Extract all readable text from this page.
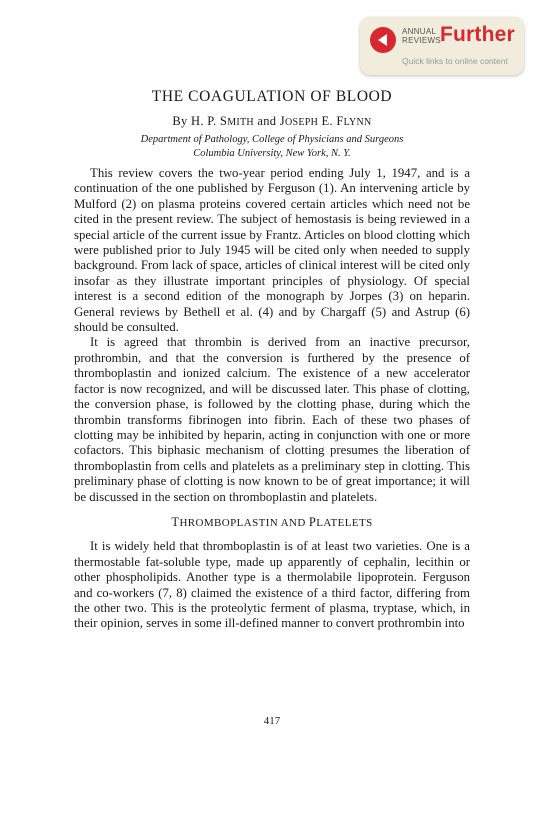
ANNUAL
REVIEWS Further
Quick links to online content
THE COAGULATION OF BLOOD
By H. P. SMITH and JOSEPH E. FLYNN
Department of Pathology, College of Physicians and Surgeons
Columbia University, New York, N. Y.

This review covers the two-year period ending July 1, 1947, and is a continuation of the one published by Ferguson (1). An intervening article by Mulford (2) on plasma proteins covered certain articles which need not be cited in the present review. The subject of hemostasis is being reviewed in a special article of the current issue by Frantz. Articles on blood clotting which were published prior to July 1945 will be cited only when needed to supply background. From lack of space, articles of clinical interest will be cited only insofar as they illustrate important principles of physiology. Of special interest is a second edition of the monograph by Jorpes (3) on heparin. General reviews by Bethell et al. (4) and by Chargaff (5) and Astrup (6) should be consulted.

It is agreed that thrombin is derived from an inactive precursor, prothrombin, and that the conversion is furthered by the presence of thromboplastin and ionized calcium. The existence of a new accelerator factor is now recognized, and will be discussed later. This phase of clotting, the conversion phase, is followed by the clotting phase, during which the thrombin transforms fibrinogen into fibrin. Each of these two phases of clotting may be inhibited by heparin, acting in conjunction with one or more cofactors. This biphasic mechanism of clotting presumes the liberation of thromboplastin from cells and platelets as a preliminary step in clotting. This preliminary phase of clotting is now known to be of great importance; it will be discussed in the section on thromboplastin and platelets.

THROMBOPLASTIN AND PLATELETS

It is widely held that thromboplastin is of at least two varieties. One is a thermostable fat-soluble type, made up apparently of cephalin, lecithin or other phospholipids. Another type is a thermolabile lipoprotein. Ferguson and co-workers (7, 8) claimed the existence of a third factor, differing from the other two. This is the proteolytic ferment of plasma, tryptase, which, in their opinion, serves in some ill-defined manner to convert prothrombin into

417
